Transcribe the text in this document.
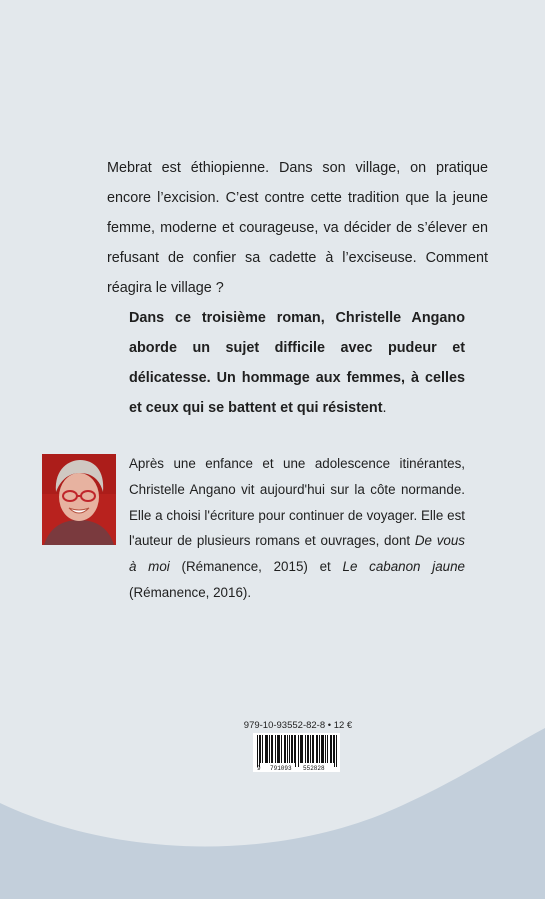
Mebrat est éthiopienne. Dans son village, on pratique encore l’excision. C’est contre cette tradition que la jeune femme, moderne et courageuse, va décider de s’élever en refusant de confier sa cadette à l’exciseuse. Comment réagira le village ?
Dans ce troisième roman, Christelle Angano aborde un sujet difficile avec pudeur et délicatesse. Un hommage aux femmes, à celles et ceux qui se battent et qui résistent.
Après une enfance et une adolescence itinérantes, Christelle Angano vit aujourd'hui sur la côte normande. Elle a choisi l'écriture pour continuer de voyager. Elle est l'auteur de plusieurs romans et ouvrages, dont De vous à moi (Rémanence, 2015) et Le cabanon jaune (Rémanence, 2016).
979-10-93552-82-8 • 12 €
9 791093 552828
